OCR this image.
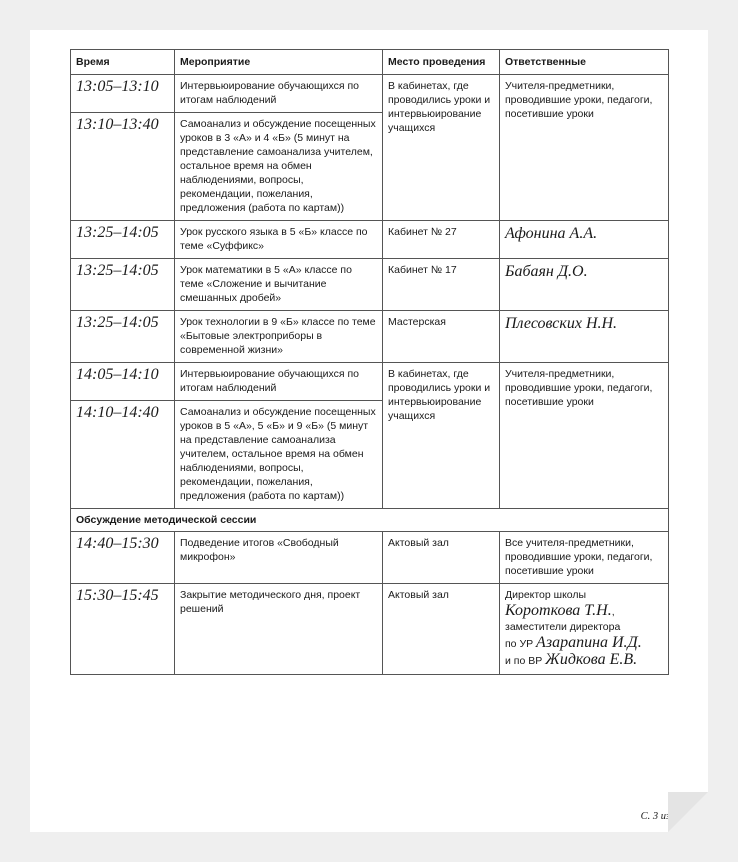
Время	Мероприятие	Место проведения	Ответственные
13:05–13:10	Интервьюирование обучающихся по итогам наблюдений	В кабинетах, где проводились уроки и интервьюирование учащихся	Учителя-предметники, проводившие уроки, педагоги, посетившие уроки
13:10–13:40	Самоанализ и обсуждение посещенных уроков в 3 «А» и 4 «Б» (5 минут на представление самоанализа учителем, остальное время на обмен наблюдениями, вопросы, рекомендации, пожелания, предложения (работа по картам))		
13:25–14:05	Урок русского языка в 5 «Б» классе по теме «Суффикс»	Кабинет № 27	Афонина А.А.
13:25–14:05	Урок математики в 5 «А» классе по теме «Сложение и вычитание смешанных дробей»	Кабинет № 17	Бабаян Д.О.
13:25–14:05	Урок технологии в 9 «Б» классе по теме «Бытовые электроприборы в современной жизни»	Мастерская	Плесовских Н.Н.
14:05–14:10	Интервьюирование обучающихся по итогам наблюдений	В кабинетах, где проводились уроки и интервьюирование учащихся	Учителя-предметники, проводившие уроки, педагоги, посетившие уроки
14:10–14:40	Самоанализ и обсуждение посещенных уроков в 5 «А», 5 «Б» и 9 «Б» (5 минут на представление самоанализа учителем, остальное время на обмен наблюдениями, вопросы, рекомендации, пожелания, предложения (работа по картам))		
Обсуждение методической сессии			
14:40–15:30	Подведение итогов «Свободный микрофон»	Актовый зал	Все учителя-предметники, проводившие уроки, педагоги, посетившие уроки
15:30–15:45	Закрытие методического дня, проект решений	Актовый зал	Директор школы
Короткова Т.Н.,
заместители директора
по УР Азарапина И.Д.
и по ВР Жидкова Е.В.
С. 3 из 5
